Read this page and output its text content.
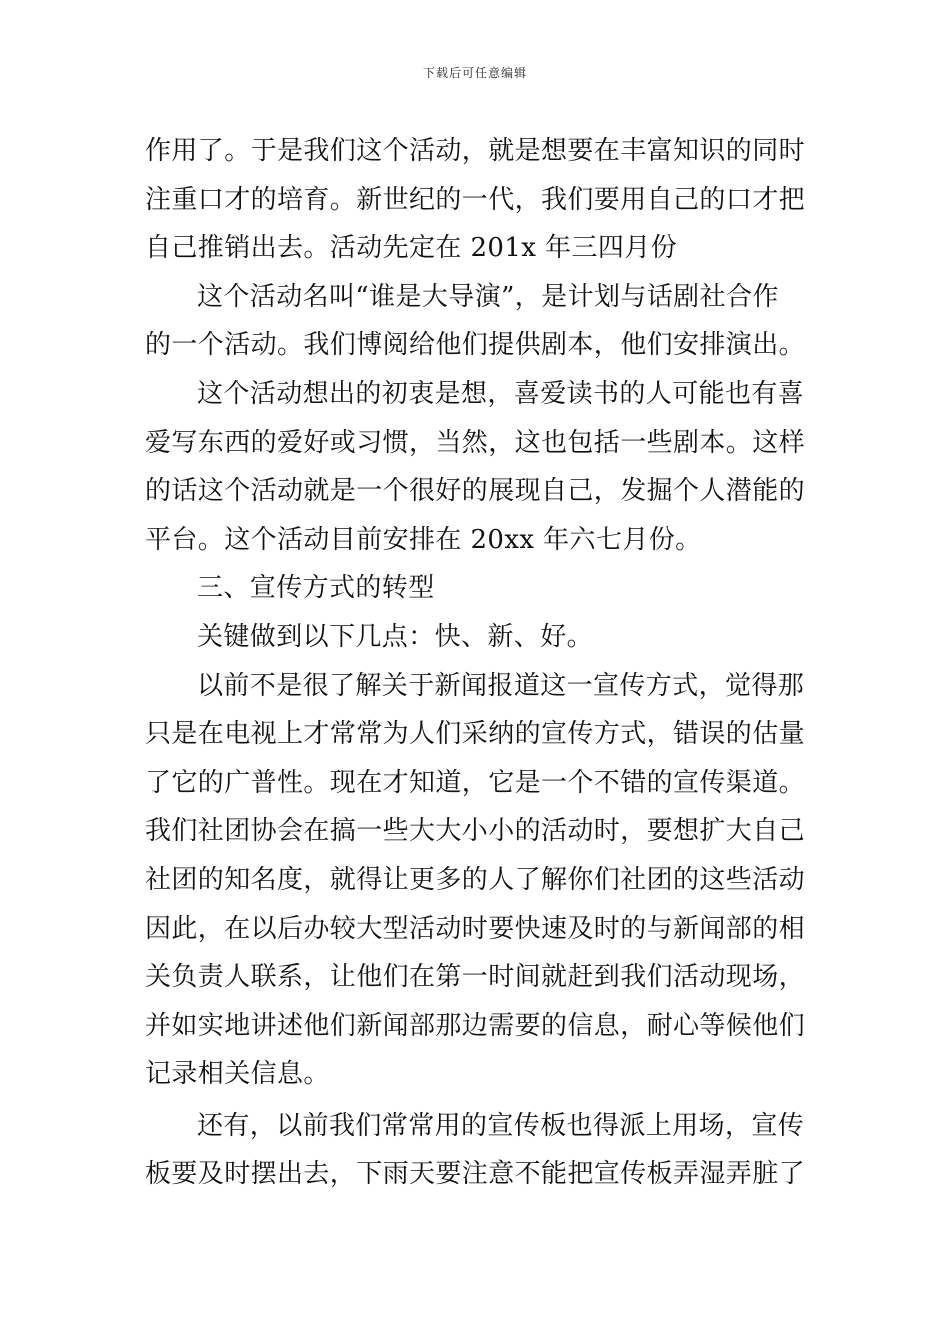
下载后可任意编辑
作用了。于是我们这个活动，就是想要在丰富知识的同时
注重口才的培育。新世纪的一代，我们要用自己的口才把
自己推销出去。活动先定在 201x 年三四月份
这个活动名叫“谁是大导演”，是计划与话剧社合作
的一个活动。我们博阅给他们提供剧本，他们安排演出。
这个活动想出的初衷是想，喜爱读书的人可能也有喜
爱写东西的爱好或习惯，当然，这也包括一些剧本。这样
的话这个活动就是一个很好的展现自己，发掘个人潜能的
平台。这个活动目前安排在 20xx 年六七月份。
三、宣传方式的转型
关键做到以下几点：快、新、好。
以前不是很了解关于新闻报道这一宣传方式，觉得那
只是在电视上才常常为人们采纳的宣传方式，错误的估量
了它的广普性。现在才知道，它是一个不错的宣传渠道。
我们社团协会在搞一些大大小小的活动时，要想扩大自己
社团的知名度，就得让更多的人了解你们社团的这些活动
因此，在以后办较大型活动时要快速及时的与新闻部的相
关负责人联系，让他们在第一时间就赶到我们活动现场，
并如实地讲述他们新闻部那边需要的信息，耐心等候他们
记录相关信息。
还有，以前我们常常用的宣传板也得派上用场，宣传
板要及时摆出去，下雨天要注意不能把宣传板弄湿弄脏了
